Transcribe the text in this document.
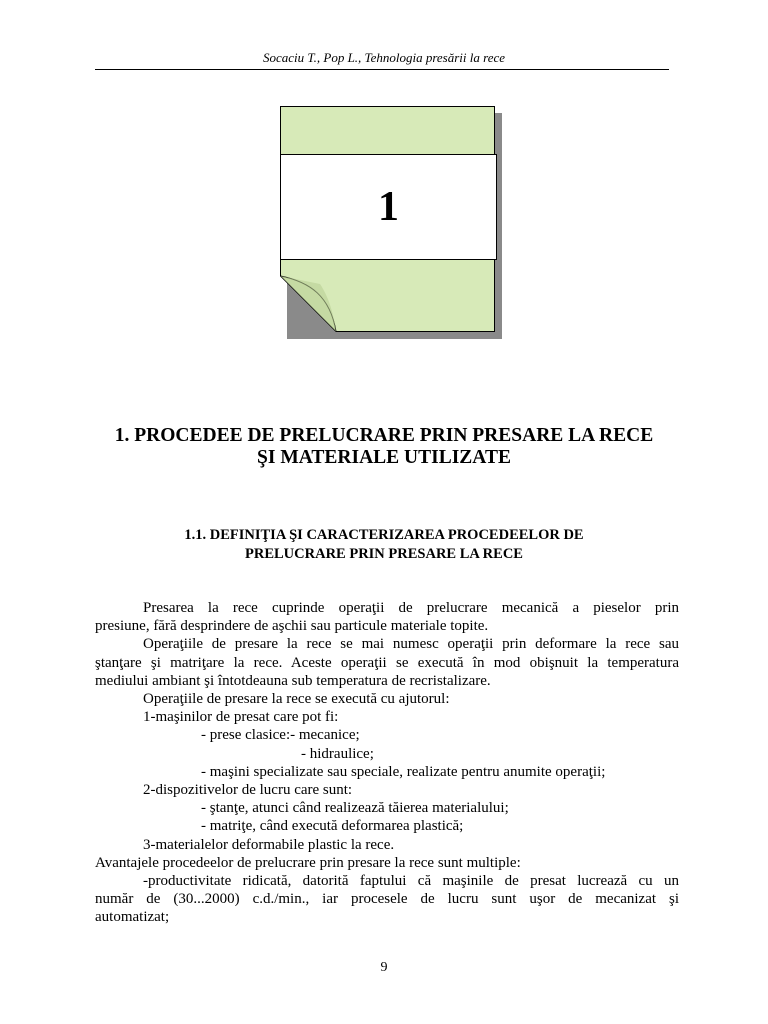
Socaciu T., Pop L., Tehnologia presării la rece
1
1. PROCEDEE DE PRELUCRARE PRIN PRESARE LA RECE
ŞI MATERIALE UTILIZATE
1.1. DEFINIŢIA ŞI CARACTERIZAREA PROCEDEELOR DE
PRELUCRARE PRIN PRESARE LA RECE

Presarea la rece cuprinde operaţii de prelucrare mecanică a pieselor prin

presiune, fără desprindere de aşchii sau particule materiale topite.

Operaţiile de presare la rece se mai numesc operaţii prin deformare la rece sau

ştanţare şi matriţare la rece. Aceste operaţii se execută în mod obişnuit la temperatura

mediului ambiant şi întotdeauna sub temperatura de recristalizare.

Operaţiile de presare la rece se execută cu ajutorul:

1-maşinilor de presat care pot fi:

- prese clasice:- mecanice;

- hidraulice;

- maşini specializate sau speciale, realizate pentru anumite operaţii;

2-dispozitivelor de lucru care sunt:

- ştanţe, atunci când realizează tăierea materialului;

- matriţe, când execută deformarea plastică;

3-materialelor deformabile plastic la rece.

Avantajele procedeelor de prelucrare prin presare la rece sunt multiple:

-productivitate ridicată, datorită faptului că maşinile de presat lucrează cu un

număr de (30...2000) c.d./min., iar procesele de lucru sunt uşor de mecanizat şi

automatizat;

9
